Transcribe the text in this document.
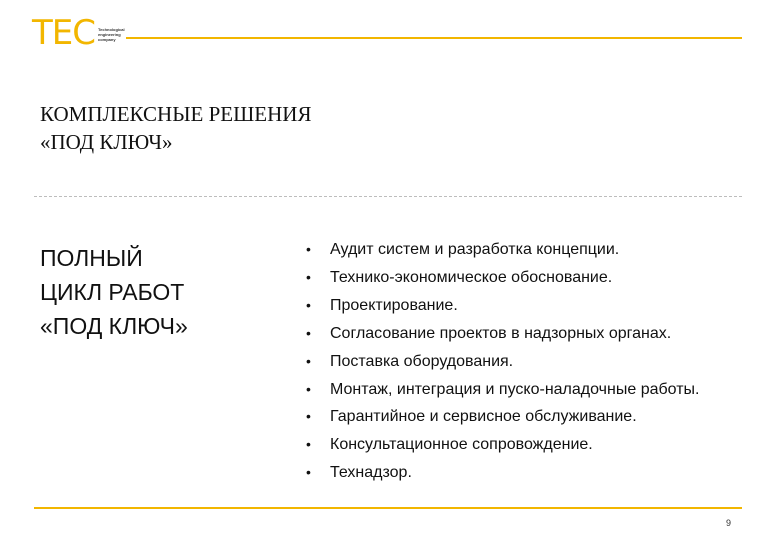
TEC Technological engineering company
КОМПЛЕКСНЫЕ РЕШЕНИЯ
«ПОД КЛЮЧ»
ПОЛНЫЙ
ЦИКЛ РАБОТ
«ПОД КЛЮЧ»
•	Аудит систем и разработка концепции.
•	Технико-экономическое обоснование.
•	Проектирование.
•	Согласование проектов в надзорных органах.
•	Поставка оборудования.
•	Монтаж, интеграция и пуско-наладочные работы.
•	Гарантийное и сервисное обслуживание.
•	Консультационное сопровождение.
•	Технадзор.
9
